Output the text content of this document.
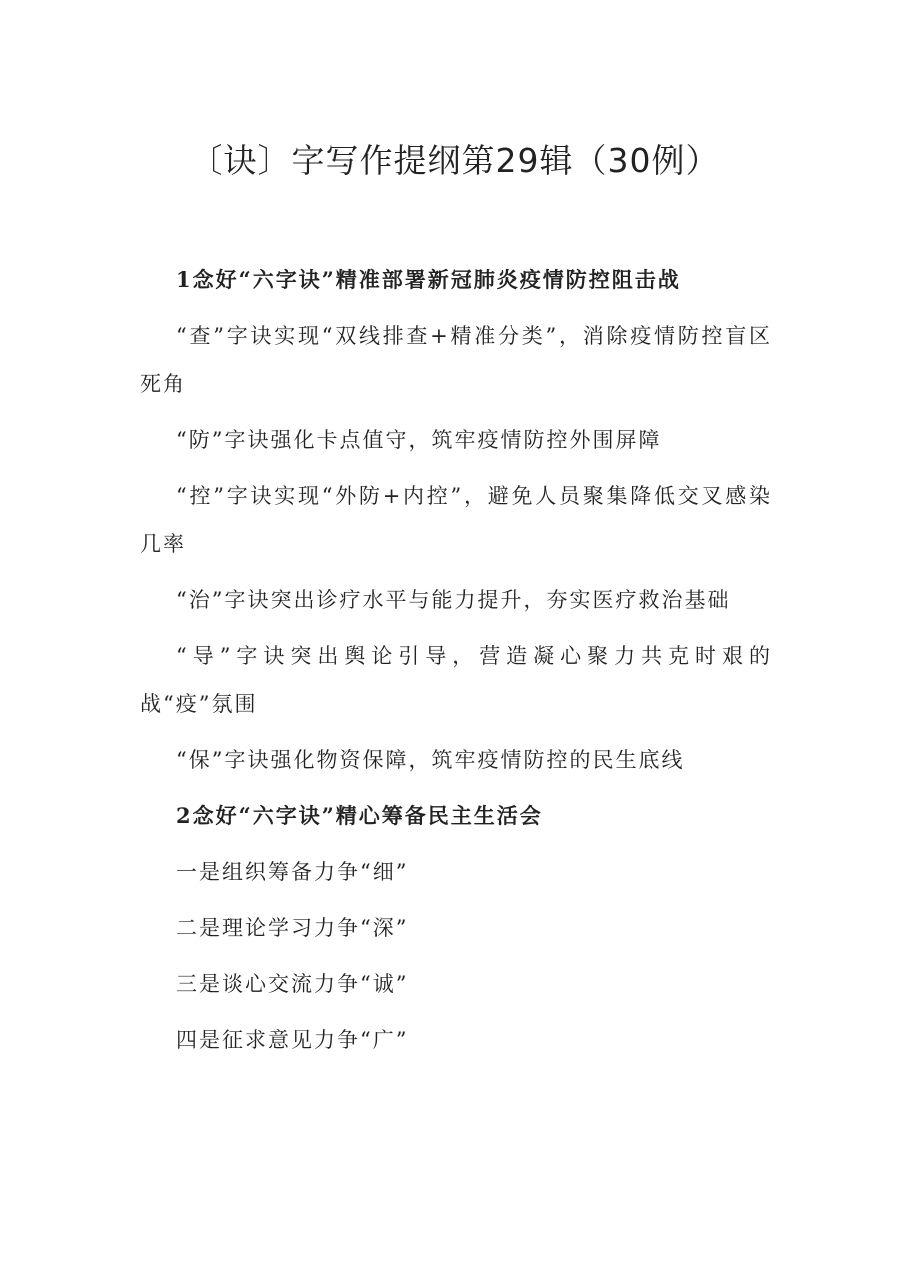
〔诀〕字写作提纲第29辑（30例）

1念好“六字诀”精准部署新冠肺炎疫情防控阻击战

“查”字诀实现“双线排查+精准分类”，消除疫情防控盲区死角

“防”字诀强化卡点值守，筑牢疫情防控外围屏障

“控”字诀实现“外防+内控”，避免人员聚集降低交叉感染几率

“治”字诀突出诊疗水平与能力提升，夯实医疗救治基础

“导”字诀突出舆论引导，营造凝心聚力共克时艰的战“疫”氛围

“保”字诀强化物资保障，筑牢疫情防控的民生底线

2念好“六字诀”精心筹备民主生活会

一是组织筹备力争“细”

二是理论学习力争“深”

三是谈心交流力争“诚”

四是征求意见力争“广”
